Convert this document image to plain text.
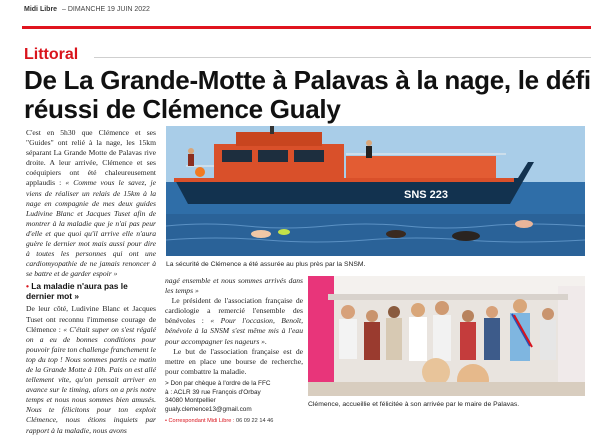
Midi Libre – DIMANCHE 19 JUIN 2022
Littoral
De La Grande-Motte à Palavas à la nage, le défi réussi de Clémence Gualy

C'est en 5h30 que Clémence et ses "Guides" ont relié à la nage, les 15km séparant La Grande Motte de Palavas rive droite. A leur arrivée, Clémence et ses coéquipiers ont été chaleureusement applaudis : « Comme vous le savez, je viens de réaliser un relais de 15km à la nage en compagnie de mes deux guides Ludivine Blanc et Jacques Tuset afin de montrer à la maladie que je n'ai pas peur d'elle et que quoi qu'il arrive elle n'aura guère le dernier mot mais aussi pour dire à toutes les personnes qui ont une cardiomyopathie de ne jamais renoncer à se battre et de garder espoir »

• La maladie n'aura pas le dernier mot »

De leur côté, Ludivine Blanc et Jacques Tuset ont reconnu l'immense courage de Clémence : « C'était super on s'est régalé on a eu de bonnes conditions pour pouvoir faire ton challenge franchement le top du top ! Nous sommes partis ce matin de la Grande Motte à 10h. Pais on est allé tellement vite, qu'on pensait arriver en avance sur le timing, alors on a pris notre temps et nous nous sommes bien amusés. Nous te félicitons pour ton exploit Clémence, nous étions inquiets par rapport à la maladie, nous avons

SNS 223
La sécurité de Clémence a été assurée au plus près par la SNSM.

nagé ensemble et nous sommes arrivés dans les temps »

Le président de l'association française de cardiologie a remercié l'ensemble des bénévoles : « Pour l'occasion, Benoît, bénévole à la SNSM s'est même mis à l'eau pour accompagner les nageurs ».

Le but de l'association française est de mettre en place une bourse de recherche, pour combattre la maladie.

> Don par chèque à l'ordre de la FFC
à : ACLR 39 rue François d'Orbay
34080 Montpellier
gualy.clemence13@gmail.com

• Correspondant Midi Libre : 06 09 22 14 46

Clémence, accueillie et félicitée à son arrivée par le maire de Palavas.
